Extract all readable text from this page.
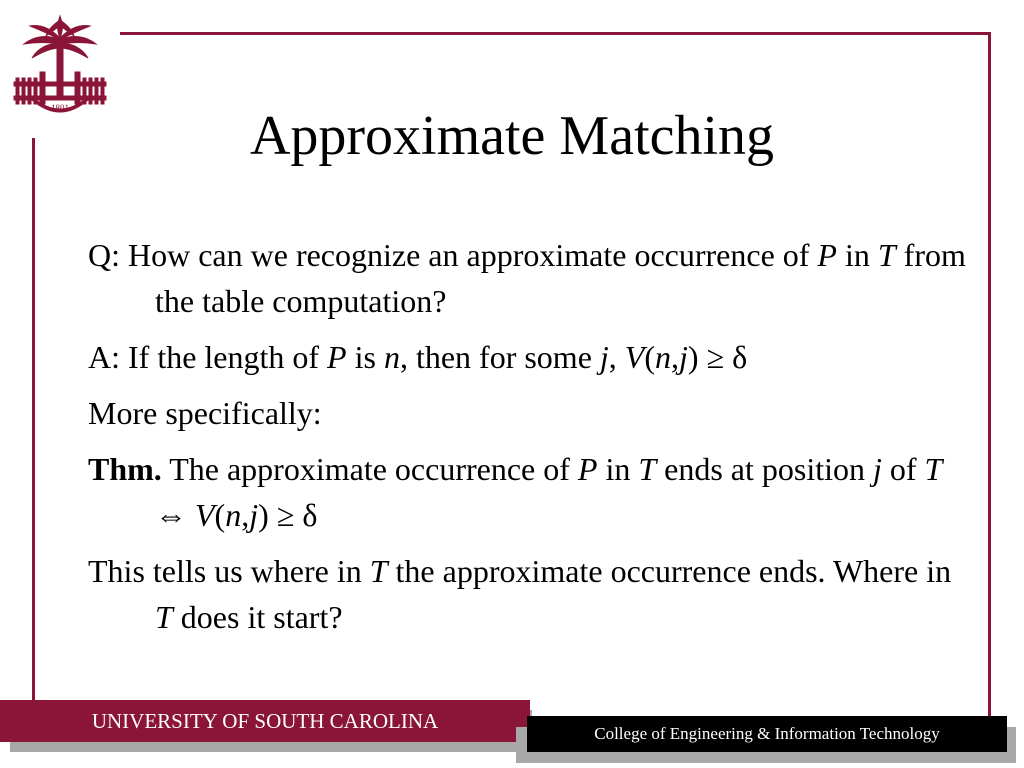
1801	Approximate Matching
Q: How can we recognize an approximate occurrence of P in T from the table computation?
A: If the length of P is n, then for some j, V(n,j) ≥ δ
More specifically:
Thm. The approximate occurrence of P in T ends at position j of T ⇔ V(n,j) ≥ δ
This tells us where in T the approximate occurrence ends. Where in T does it start?
UNIVERSITY OF SOUTH CAROLINA
College of Engineering & Information Technology
